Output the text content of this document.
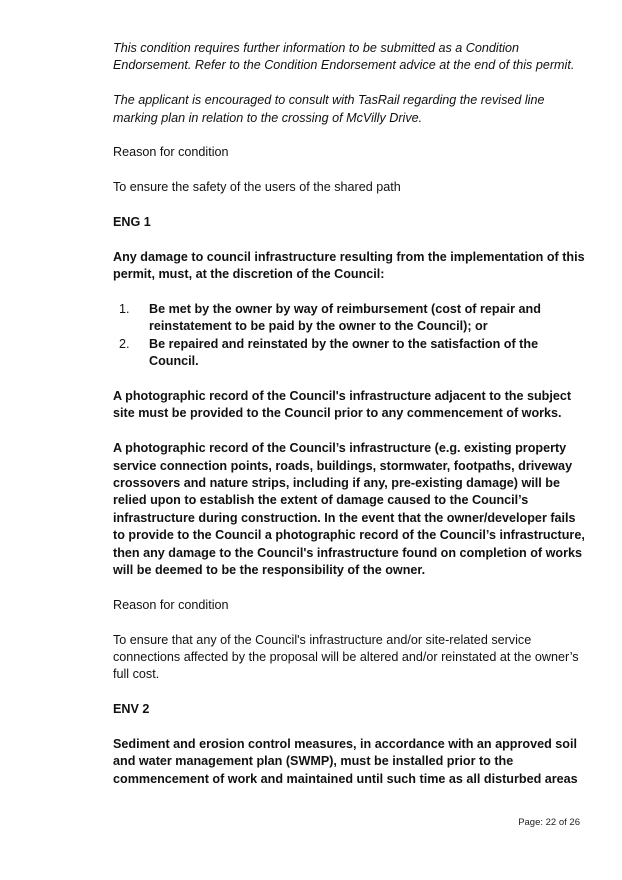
This condition requires further information to be submitted as a Condition Endorsement. Refer to the Condition Endorsement advice at the end of this permit.

The applicant is encouraged to consult with TasRail regarding the revised line marking plan in relation to the crossing of McVilly Drive.

Reason for condition

To ensure the safety of the users of the shared path

ENG 1

Any damage to council infrastructure resulting from the implementation of this permit, must, at the discretion of the Council:

1. Be met by the owner by way of reimbursement (cost of repair and reinstatement to be paid by the owner to the Council); or
2. Be repaired and reinstated by the owner to the satisfaction of the Council.

A photographic record of the Council's infrastructure adjacent to the subject site must be provided to the Council prior to any commencement of works.

A photographic record of the Council’s infrastructure (e.g. existing property service connection points, roads, buildings, stormwater, footpaths, driveway crossovers and nature strips, including if any, pre-existing damage) will be relied upon to establish the extent of damage caused to the Council’s infrastructure during construction. In the event that the owner/developer fails to provide to the Council a photographic record of the Council’s infrastructure, then any damage to the Council's infrastructure found on completion of works will be deemed to be the responsibility of the owner.

Reason for condition

To ensure that any of the Council's infrastructure and/or site-related service connections affected by the proposal will be altered and/or reinstated at the owner’s full cost.

ENV 2

Sediment and erosion control measures, in accordance with an approved soil and water management plan (SWMP), must be installed prior to the commencement of work and maintained until such time as all disturbed areas

Page: 22 of 26
